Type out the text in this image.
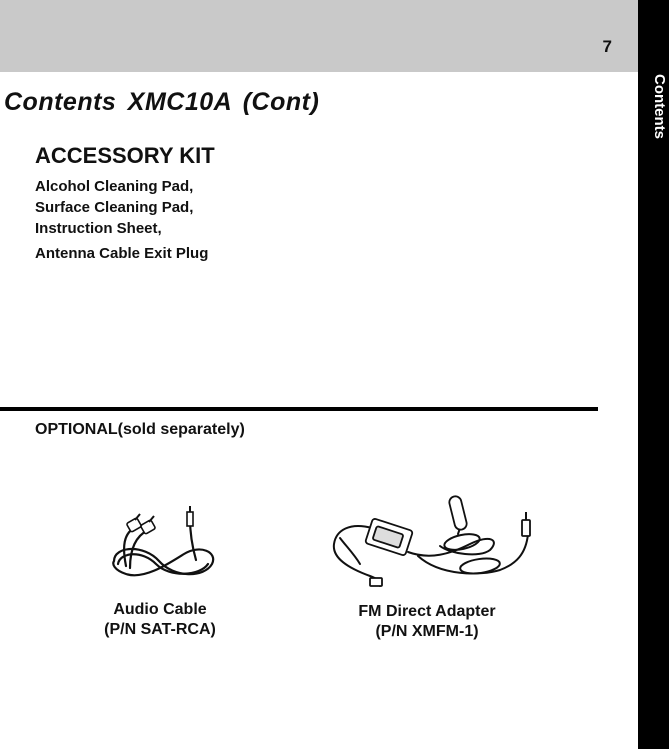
7
Contents
Contents XMC10A (Cont)
ACCESSORY KIT
Alcohol Cleaning Pad,
Surface Cleaning Pad,
Instruction Sheet,
Antenna Cable Exit Plug
OPTIONAL(sold separately)
Audio Cable
(P/N SAT-RCA)
FM Direct Adapter
(P/N XMFM-1)
